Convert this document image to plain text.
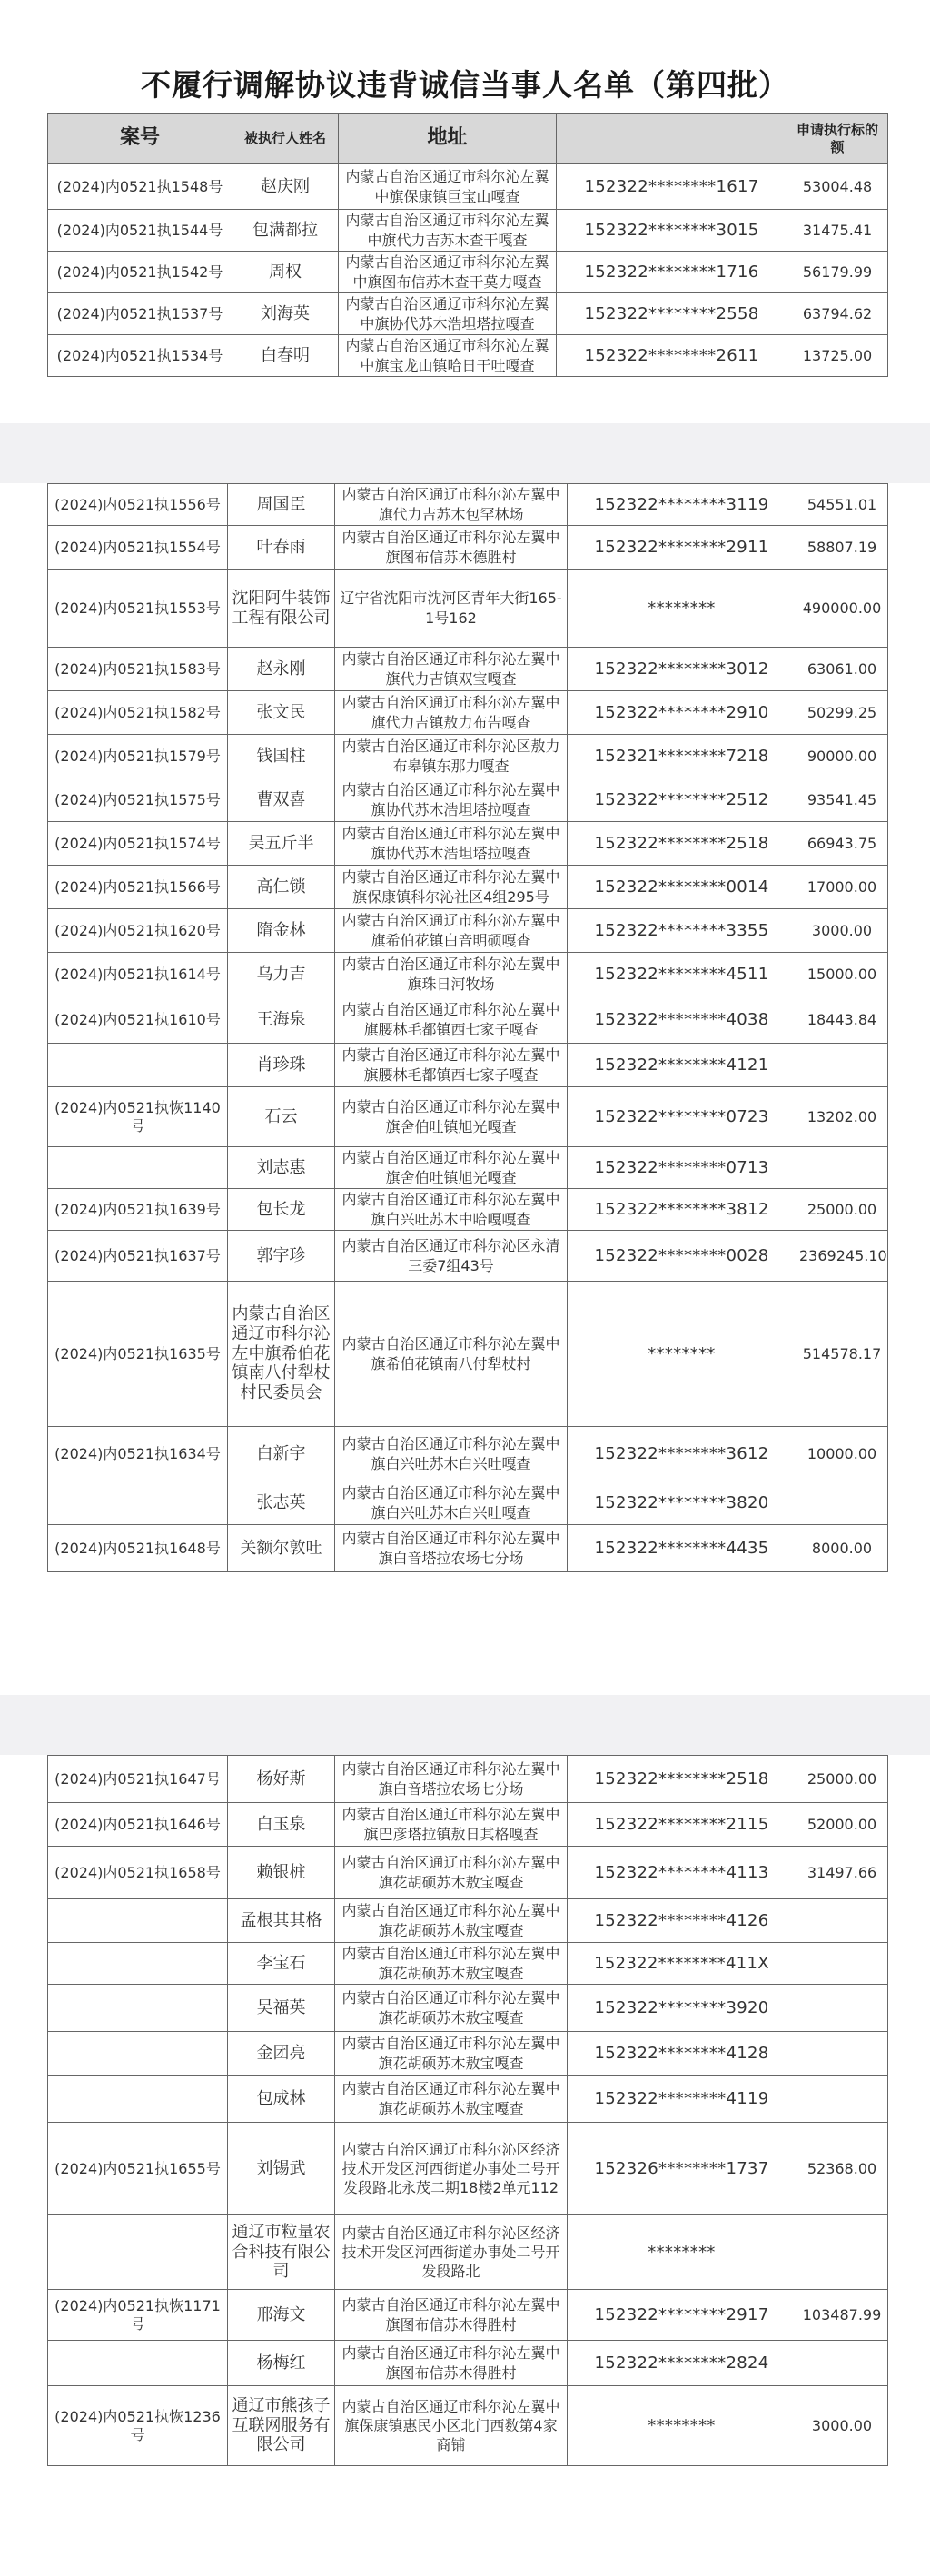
不履行调解协议违背诚信当事人名单（第四批）
案号	被执行人姓名	地址		申请执行标的额
(2024)内0521执1548号	赵庆刚	内蒙古自治区通辽市科尔沁左翼中旗保康镇巨宝山嘎查	152322********1617	53004.48
(2024)内0521执1544号	包满都拉	内蒙古自治区通辽市科尔沁左翼中旗代力吉苏木查干嘎查	152322********3015	31475.41
(2024)内0521执1542号	周权	内蒙古自治区通辽市科尔沁左翼中旗图布信苏木查干莫力嘎查	152322********1716	56179.99
(2024)内0521执1537号	刘海英	内蒙古自治区通辽市科尔沁左翼中旗协代苏木浩坦塔拉嘎查	152322********2558	63794.62
(2024)内0521执1534号	白春明	内蒙古自治区通辽市科尔沁左翼中旗宝龙山镇哈日干吐嘎查	152322********2611	13725.00
(2024)内0521执1556号	周国臣	内蒙古自治区通辽市科尔沁左翼中旗代力吉苏木包罕林场	152322********3119	54551.01
(2024)内0521执1554号	叶春雨	内蒙古自治区通辽市科尔沁左翼中旗图布信苏木德胜村	152322********2911	58807.19
(2024)内0521执1553号	沈阳阿牛装饰工程有限公司	辽宁省沈阳市沈河区青年大街165-1号162	********	490000.00
(2024)内0521执1583号	赵永刚	内蒙古自治区通辽市科尔沁左翼中旗代力吉镇双宝嘎查	152322********3012	63061.00
(2024)内0521执1582号	张文民	内蒙古自治区通辽市科尔沁左翼中旗代力吉镇敖力布告嘎查	152322********2910	50299.25
(2024)内0521执1579号	钱国柱	内蒙古自治区通辽市科尔沁区敖力布皋镇东那力嘎查	152321********7218	90000.00
(2024)内0521执1575号	曹双喜	内蒙古自治区通辽市科尔沁左翼中旗协代苏木浩坦塔拉嘎查	152322********2512	93541.45
(2024)内0521执1574号	吴五斤半	内蒙古自治区通辽市科尔沁左翼中旗协代苏木浩坦塔拉嘎查	152322********2518	66943.75
(2024)内0521执1566号	高仁锁	内蒙古自治区通辽市科尔沁左翼中旗保康镇科尔沁社区4组295号	152322********0014	17000.00
(2024)内0521执1620号	隋金林	内蒙古自治区通辽市科尔沁左翼中旗希伯花镇白音明硕嘎查	152322********3355	3000.00
(2024)内0521执1614号	乌力吉	内蒙古自治区通辽市科尔沁左翼中旗珠日河牧场	152322********4511	15000.00
(2024)内0521执1610号	王海泉	内蒙古自治区通辽市科尔沁左翼中旗腰林毛都镇西七家子嘎查	152322********4038	18443.84
	肖珍珠	内蒙古自治区通辽市科尔沁左翼中旗腰林毛都镇西七家子嘎查	152322********4121	
(2024)内0521执恢1140号	石云	内蒙古自治区通辽市科尔沁左翼中旗舍伯吐镇旭光嘎查	152322********0723	13202.00
	刘志惠	内蒙古自治区通辽市科尔沁左翼中旗舍伯吐镇旭光嘎查	152322********0713	
(2024)内0521执1639号	包长龙	内蒙古自治区通辽市科尔沁左翼中旗白兴吐苏木中哈嘎嘎查	152322********3812	25000.00
(2024)内0521执1637号	郭宇珍	内蒙古自治区通辽市科尔沁区永清三委7组43号	152322********0028	2369245.10
(2024)内0521执1635号	内蒙古自治区通辽市科尔沁左中旗希伯花镇南八付犁杖村民委员会	内蒙古自治区通辽市科尔沁左翼中旗希伯花镇南八付犁杖村	********	514578.17
(2024)内0521执1634号	白新宇	内蒙古自治区通辽市科尔沁左翼中旗白兴吐苏木白兴吐嘎查	152322********3612	10000.00
	张志英	内蒙古自治区通辽市科尔沁左翼中旗白兴吐苏木白兴吐嘎查	152322********3820	
(2024)内0521执1648号	关额尔敦吐	内蒙古自治区通辽市科尔沁左翼中旗白音塔拉农场七分场	152322********4435	8000.00
(2024)内0521执1647号	杨好斯	内蒙古自治区通辽市科尔沁左翼中旗白音塔拉农场七分场	152322********2518	25000.00
(2024)内0521执1646号	白玉泉	内蒙古自治区通辽市科尔沁左翼中旗巴彦塔拉镇敖日其格嘎查	152322********2115	52000.00
(2024)内0521执1658号	赖银桩	内蒙古自治区通辽市科尔沁左翼中旗花胡硕苏木敖宝嘎查	152322********4113	31497.66
	孟根其其格	内蒙古自治区通辽市科尔沁左翼中旗花胡硕苏木敖宝嘎查	152322********4126	
	李宝石	内蒙古自治区通辽市科尔沁左翼中旗花胡硕苏木敖宝嘎查	152322********411X	
	吴福英	内蒙古自治区通辽市科尔沁左翼中旗花胡硕苏木敖宝嘎查	152322********3920	
	金团亮	内蒙古自治区通辽市科尔沁左翼中旗花胡硕苏木敖宝嘎查	152322********4128	
	包成林	内蒙古自治区通辽市科尔沁左翼中旗花胡硕苏木敖宝嘎查	152322********4119	
(2024)内0521执1655号	刘锡武	内蒙古自治区通辽市科尔沁区经济技术开发区河西街道办事处二号开发段路北永茂二期18楼2单元112	152326********1737	52368.00
	通辽市粒量农合科技有限公司	内蒙古自治区通辽市科尔沁区经济技术开发区河西街道办事处二号开发段路北	********	
(2024)内0521执恢1171号	邢海文	内蒙古自治区通辽市科尔沁左翼中旗图布信苏木得胜村	152322********2917	103487.99
	杨梅红	内蒙古自治区通辽市科尔沁左翼中旗图布信苏木得胜村	152322********2824	
(2024)内0521执恢1236号	通辽市熊孩子互联网服务有限公司	内蒙古自治区通辽市科尔沁左翼中旗保康镇惠民小区北门西数第4家商铺	********	3000.00
